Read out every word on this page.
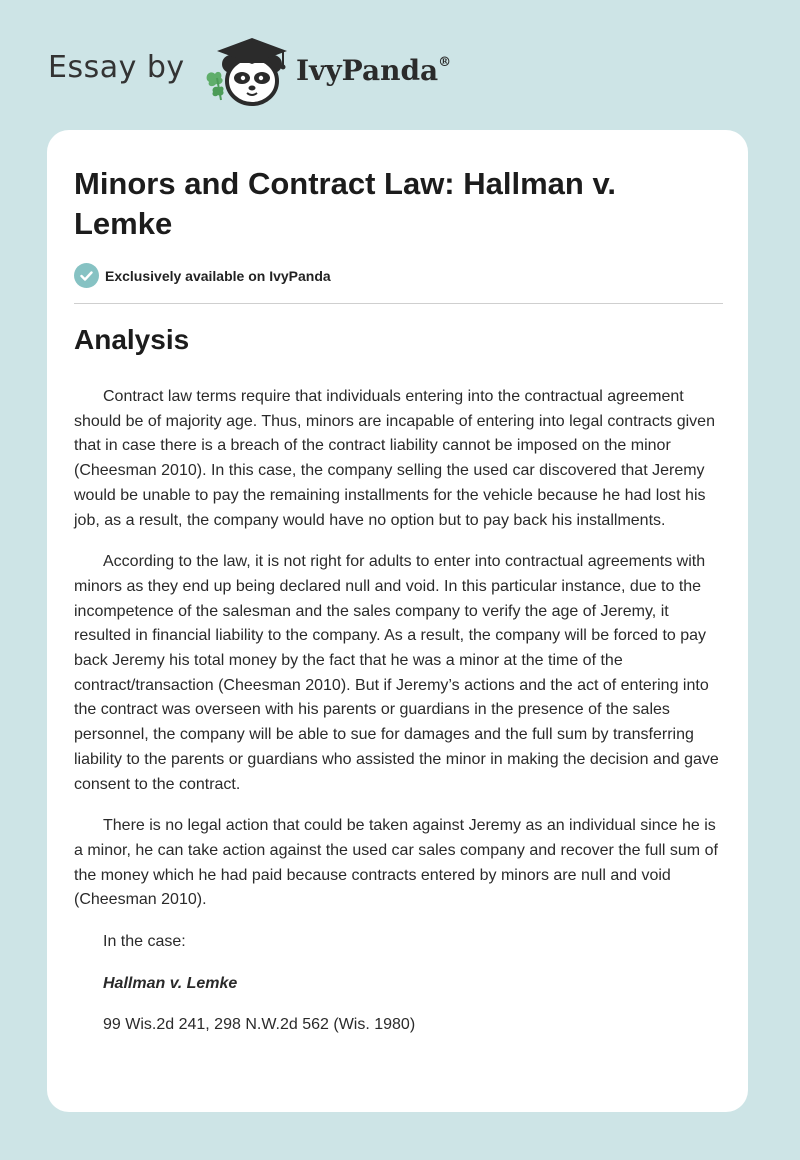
Essay by	IvyPanda®
Minors and Contract Law: Hallman v. Lemke
Exclusively available on IvyPanda
Analysis

Contract law terms require that individuals entering into the contractual agreement should be of majority age. Thus, minors are incapable of entering into legal contracts given that in case there is a breach of the contract liability cannot be imposed on the minor (Cheesman 2010). In this case, the company selling the used car discovered that Jeremy would be unable to pay the remaining installments for the vehicle because he had lost his job, as a result, the company would have no option but to pay back his installments.

According to the law, it is not right for adults to enter into contractual agreements with minors as they end up being declared null and void. In this particular instance, due to the incompetence of the salesman and the sales company to verify the age of Jeremy, it resulted in financial liability to the company. As a result, the company will be forced to pay back Jeremy his total money by the fact that he was a minor at the time of the contract/transaction (Cheesman 2010). But if Jeremy’s actions and the act of entering into the contract was overseen with his parents or guardians in the presence of the sales personnel, the company will be able to sue for damages and the full sum by transferring liability to the parents or guardians who assisted the minor in making the decision and gave consent to the contract.

There is no legal action that could be taken against Jeremy as an individual since he is a minor, he can take action against the used car sales company and recover the full sum of the money which he had paid because contracts entered by minors are null and void (Cheesman 2010).

In the case:

Hallman v. Lemke

99 Wis.2d 241, 298 N.W.2d 562 (Wis. 1980)
